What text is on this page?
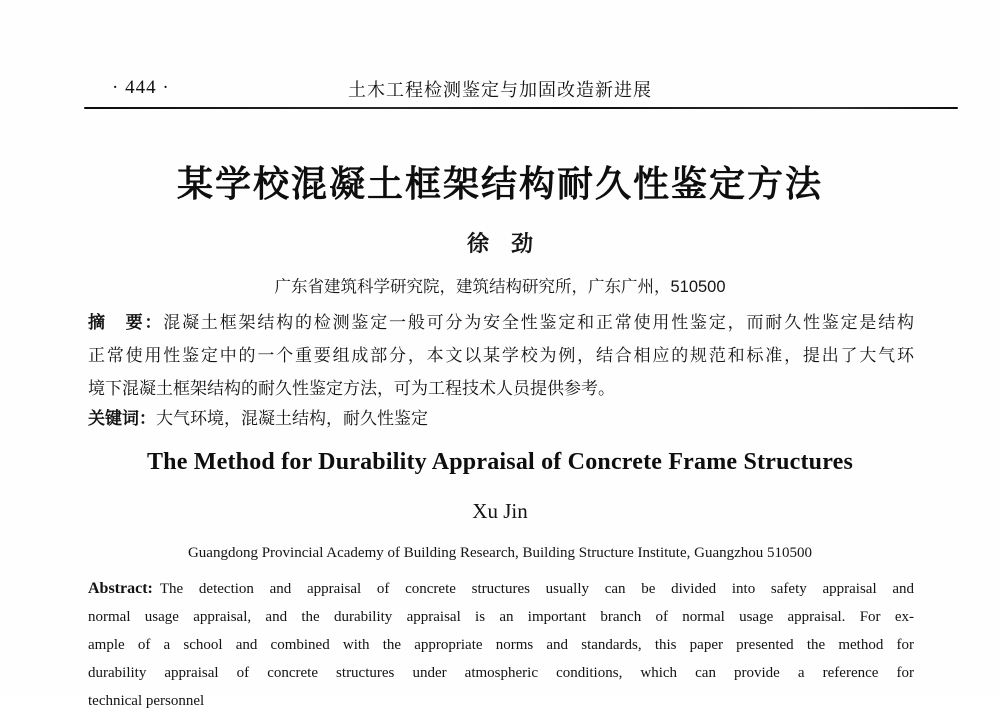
· 444 ·	土木工程检测鉴定与加固改造新进展
某学校混凝土框架结构耐久性鉴定方法
徐　劲
广东省建筑科学研究院，建筑结构研究所，广东广州，510500
摘　要：混凝土框架结构的检测鉴定一般可分为安全性鉴定和正常使用性鉴定，而耐久性鉴定是结构
正常使用性鉴定中的一个重要组成部分，本文以某学校为例，结合相应的规范和标准，提出了大气环
境下混凝土框架结构的耐久性鉴定方法，可为工程技术人员提供参考。
关键词：大气环境，混凝土结构，耐久性鉴定
The Method for Durability Appraisal of Concrete Frame Structures
Xu Jin
Guangdong Provincial Academy of Building Research, Building Structure Institute, Guangzhou 510500
Abstract: The detection and appraisal of concrete structures usually can be divided into safety appraisal and
normal usage appraisal, and the durability appraisal is an important branch of normal usage appraisal. For ex-
ample of a school and combined with the appropriate norms and standards, this paper presented the method for
durability appraisal of concrete structures under atmospheric conditions, which can provide a reference for
technical personnel
